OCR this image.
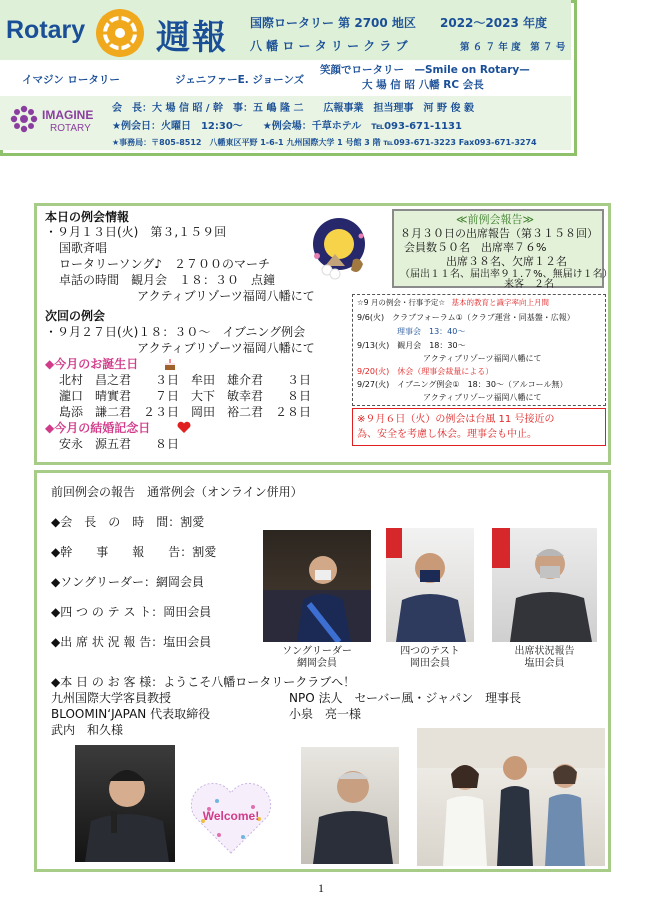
Rotary 週報 国際ロータリー 第 2700 地区 2022～2023 年度
八 幡 ロ ー タ リ ー ク ラ ブ	第 ６ ７ 年 度　第 ７ 号
イマジン ロータリー	ジェニファーE. ジョーンズ
笑顔でロータリー　—Smile on Rotary—
大 場 信 昭 八幡 RC 会長
IMAGINE
ROTARY
会　長：大 場 信 昭 / 幹　事：五 嶋 隆 二　　広報事業　担当理事　河 野 俊 毅
★例会日：火曜日　12:30～　　★例会場：千草ホテル　℡093-671-1131
★事務局：〒805-8512　八幡東区平野 1-6-1 九州国際大学 1 号館 3 階 ℡093-671-3223 Fax093-671-3274
本日の例会情報
・９月１３日(火)　第３,１５９回
国歌斉唱
ロータリーソング♪　２７００のマーチ
卓話の時間　観月会　１８：３０　点鐘
アクティブリゾーツ福岡八幡にて
次回の例会
・９月２７日(火)１８：３０～　イブニング例会
アクティブリゾーツ福岡八幡にて
◆今月のお誕生日
北村　昌之君　　３日　牟田　雄介君　　３日
瀧口　晴實君　　７日　大下　敏幸君　　８日
島添　謙二君　２３日　岡田　裕二君　２８日
◆今月の結婚記念日
安永　源五君　　８日
≪前例会報告≫
８月３０日の出席報告（第３１５８回）
会員数５０名　出席率７６%
出席３８名、欠席１２名
（届出１１名、届出率９１.７%、無届け１名）
来客　２名
☆9 月の例会・行事予定☆ 基本的教育と識字率向上月間
9/6(火)　クラブフォーラム①（クラブ運営・同基盤・広報）
理事会　13：40～
9/13(火)　観月会　18：30～
アクティブリゾーツ福岡八幡にて
9/20(火)　休会（理事会裁量による）
9/27(火)　イブニング例会①　18：30～（アルコール無）
アクティブリゾーツ福岡八幡にて
※９月６日（火）の例会は台風 11 号接近の
為、安全を考慮し休会。理事会も中止。
前回例会の報告　通常例会（オンライン併用）
◆会　長　の　時　間：割愛
◆幹　　事　　報　　告：割愛
◆ソングリーダー：網岡会員
◆四 つ の テ ス ト：岡田会員
◆出 席 状 況 報 告：塩田会員
ソングリーダー
網岡会員
四つのテスト
岡田会員
出席状況報告
塩田会員
◆本 日 の お 客 様：ようこそ八幡ロータリークラブへ！
九州国際大学客員教授	NPO 法人　セーバー風・ジャパン　理事長
BLOOMIN‘JAPAN 代表取締役	小泉　亮一様
武内　和久様
Welcome!
1
